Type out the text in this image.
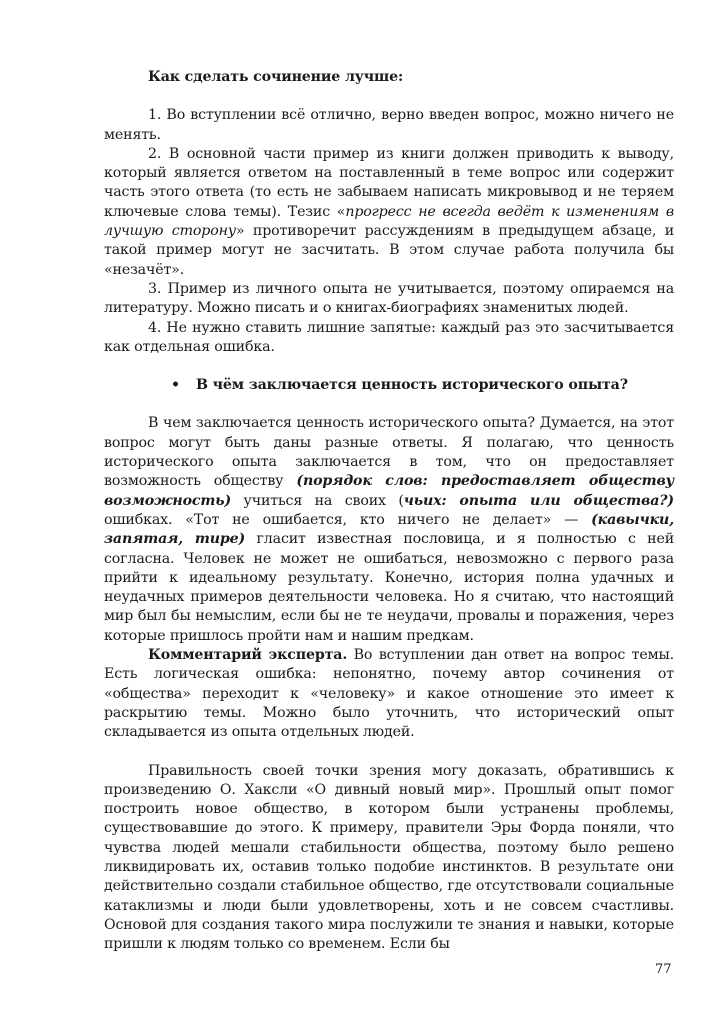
Как сделать сочинение лучше:

1. Во вступлении всё отлично, верно введен вопрос, можно ничего не менять.

2. В основной части пример из книги должен приводить к выводу, который является ответом на поставленный в теме вопрос или содержит часть этого ответа (то есть не забываем написать микровывод и не теряем ключевые слова темы). Тезис «прогресс не всегда ведёт к изменениям в лучшую сторону» противоречит рассуждениям в предыдущем абзаце, и такой пример могут не засчитать. В этом случае работа получила бы «незачёт».

3. Пример из личного опыта не учитывается, поэтому опираемся на литературу. Можно писать и о книгах-биографиях знаменитых людей.

4. Не нужно ставить лишние запятые: каждый раз это засчитывается как отдельная ошибка.

• В чём заключается ценность исторического опыта?

В чем заключается ценность исторического опыта? Думается, на этот вопрос могут быть даны разные ответы. Я полагаю, что ценность исторического опыта заключается в том, что он предоставляет возможность обществу (порядок слов: предоставляет обществу возможность) учиться на своих (чьих: опыта или общества?) ошибках. «Тот не ошибается, кто ничего не делает» — (кавычки, запятая, тире) гласит известная пословица, и я полностью с ней согласна. Человек не может не ошибаться, невозможно с первого раза прийти к идеальному результату. Конечно, история полна удачных и неудачных примеров деятельности человека. Но я считаю, что настоящий мир был бы немыслим, если бы не те неудачи, провалы и поражения, через которые пришлось пройти нам и нашим предкам.

Комментарий эксперта. Во вступлении дан ответ на вопрос темы. Есть логическая ошибка: непонятно, почему автор сочинения от «общества» переходит к «человеку» и какое отношение это имеет к раскрытию темы. Можно было уточнить, что исторический опыт складывается из опыта отдельных людей.

Правильность своей точки зрения могу доказать, обратившись к произведению О. Хаксли «О дивный новый мир». Прошлый опыт помог построить новое общество, в котором были устранены проблемы, существовавшие до этого. К примеру, правители Эры Форда поняли, что чувства людей мешали стабильности общества, поэтому было решено ликвидировать их, оставив только подобие инстинктов. В результате они действительно создали стабильное общество, где отсутствовали социальные катаклизмы и люди были удовлетворены, хоть и не совсем счастливы. Основой для создания такого мира послужили те знания и навыки, которые пришли к людям только со временем. Если бы

77
